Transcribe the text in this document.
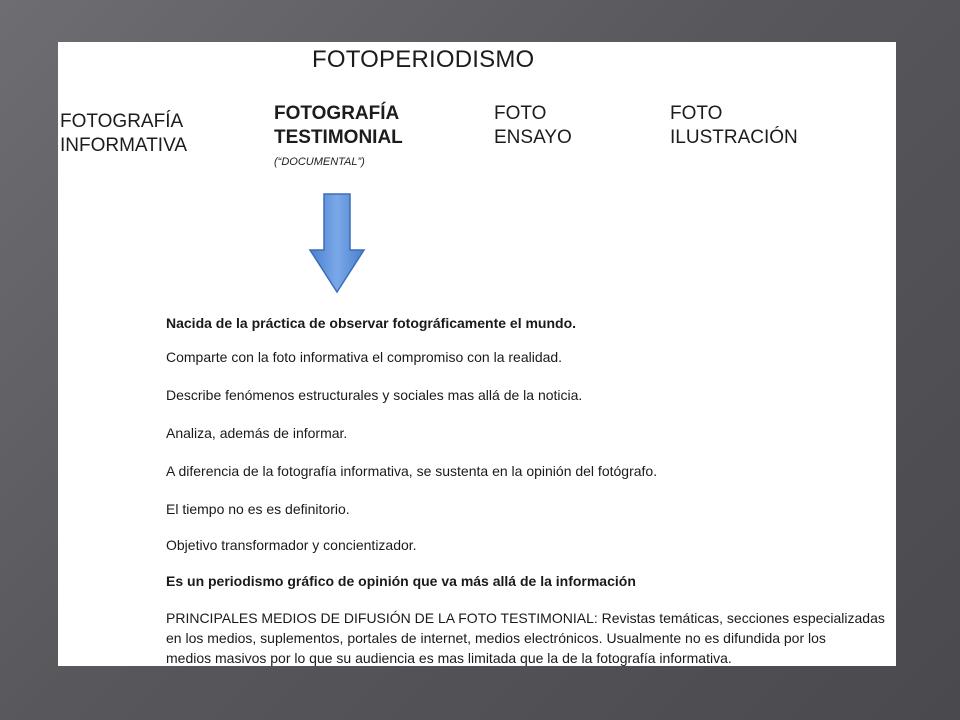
FOTOPERIODISMO
FOTOGRAFÍA
INFORMATIVA
FOTOGRAFÍA
TESTIMONIAL
(“DOCUMENTAL”)
FOTO
ENSAYO
FOTO
ILUSTRACIÓN
Nacida de la práctica de observar fotográficamente el mundo.
Comparte con la foto informativa el compromiso con la realidad.
Describe fenómenos estructurales y sociales mas allá de la noticia.
Analiza, además de informar.
A diferencia de la fotografía informativa, se sustenta en la opinión del fotógrafo.
El tiempo no es es definitorio.
Objetivo transformador y concientizador.
Es un periodismo gráfico de opinión que va más allá de la información

PRINCIPALES MEDIOS DE DIFUSIÓN DE LA FOTO TESTIMONIAL: Revistas temáticas, secciones especializadas
en los medios, suplementos, portales de internet, medios electrónicos. Usualmente no es difundida por los
medios masivos por lo que su audiencia es mas limitada que la de la fotografía informativa.
